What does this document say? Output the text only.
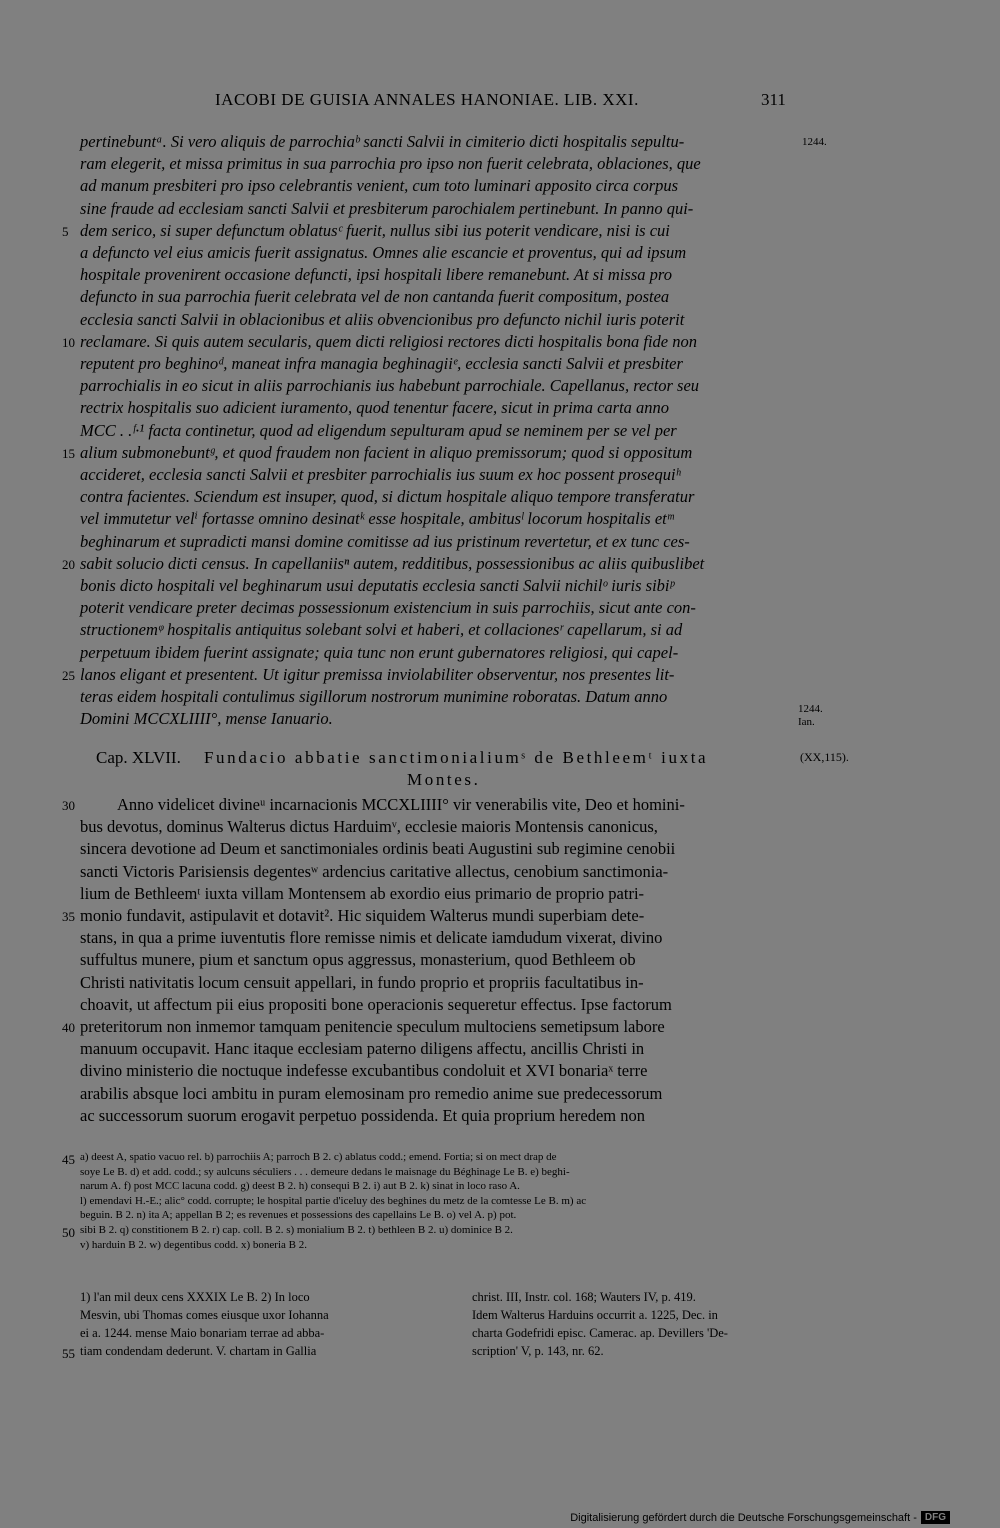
IACOBI DE GUISIA ANNALES HANONIAE. LIB. XXI.	311
pertinebuntᵃ. Si vero aliquis de parrochiaᵇ sancti Salvii in cimiterio dicti hospitalis sepultu-
ram elegerit, et missa primitus in sua parrochia pro ipso non fuerit celebrata, oblaciones, que
ad manum presbiteri pro ipso celebrantis venient, cum toto luminari apposito circa corpus
sine fraude ad ecclesiam sancti Salvii et presbiterum parochialem pertinebunt. In panno qui-
5 dem serico, si super defunctum oblatusᶜ fuerit, nullus sibi ius poterit vendicare, nisi is cui
a defuncto vel eius amicis fuerit assignatus. Omnes alie escancie et proventus, qui ad ipsum
hospitale provenirent occasione defuncti, ipsi hospitali libere remanebunt. At si missa pro
defuncto in sua parrochia fuerit celebrata vel de non cantanda fuerit compositum, postea
ecclesia sancti Salvii in oblacionibus et aliis obvencionibus pro defuncto nichil iuris poterit
10 reclamare. Si quis autem secularis, quem dicti religiosi rectores dicti hospitalis bona fide non
reputent pro beghinoᵈ, maneat infra managia beghinagiiᵉ, ecclesia sancti Salvii et presbiter
parrochialis in eo sicut in aliis parrochianis ius habebunt parrochiale. Capellanus, rector seu
rectrix hospitalis suo adicient iuramento, quod tenentur facere, sicut in prima carta anno
MCC . .ᶠ·¹ facta continetur, quod ad eligendum sepulturam apud se neminem per se vel per
15 alium submonebuntᵍ, et quod fraudem non facient in aliquo premissorum; quod si oppositum
accideret, ecclesia sancti Salvii et presbiter parrochialis ius suum ex hoc possent prosequiʰ
contra facientes. Sciendum est insuper, quod, si dictum hospitale aliquo tempore transferatur
vel immutetur velⁱ fortasse omnino desinatᵏ esse hospitale, ambitusˡ locorum hospitalis etᵐ
beghinarum et supradicti mansi domine comitisse ad ius pristinum revertetur, et ex tunc ces-
20 sabit solucio dicti census. In capellaniisⁿ autem, redditibus, possessionibus ac aliis quibuslibet
bonis dicto hospitali vel beghinarum usui deputatis ecclesia sancti Salvii nichilᵒ iuris sibiᵖ
poterit vendicare preter decimas possessionum existencium in suis parrochiis, sicut ante con-
structionemᵠ hospitalis antiquitus solebant solvi et haberi, et collacionesʳ capellarum, si ad
perpetuum ibidem fuerint assignate; quia tunc non erunt gubernatores religiosi, qui capel-
25 lanos eligant et presentent. Ut igitur premissa inviolabiliter observentur, nos presentes lit-
teras eidem hospitali contulimus sigillorum nostrorum munimine roboratas. Datum anno
Domini MCCXLIIII°, mense Ianuario.
1244.
1244.
Ian.
Cap. XLVII. Fundacio abbatie sanctimonialiumˢ de Bethleemᵗ iuxta
Montes.
(XX,115).
30	Anno videlicet divineᵘ incarnacionis MCCXLIIII° vir venerabilis vite, Deo et homini-
bus devotus, dominus Walterus dictus Harduimᵛ, ecclesie maioris Montensis canonicus,
sincera devotione ad Deum et sanctimoniales ordinis beati Augustini sub regimine cenobii
sancti Victoris Parisiensis degentesʷ ardencius caritative allectus, cenobium sanctimonia-
lium de Bethleemᵗ iuxta villam Montensem ab exordio eius primario de proprio patri-
35 monio fundavit, astipulavit et dotavit². Hic siquidem Walterus mundi superbiam dete-
stans, in qua a prime iuventutis flore remisse nimis et delicate iamdudum vixerat, divino
suffultus munere, pium et sanctum opus aggressus, monasterium, quod Bethleem ob
Christi nativitatis locum censuit appellari, in fundo proprio et propriis facultatibus in-
choavit, ut affectum pii eius propositi bone operacionis sequeretur effectus. Ipse factorum
40 preteritorum non inmemor tamquam penitencie speculum multociens semetipsum labore
manuum occupavit. Hanc itaque ecclesiam paterno diligens affectu, ancillis Christi in
divino ministerio die noctuque indefesse excubantibus condoluit et XVI bonariaˣ terre
arabilis absque loci ambitu in puram elemosinam pro remedio anime sue predecessorum
ac successorum suorum erogavit perpetuo possidenda. Et quia proprium heredem non
45 a) deest A, spatio vacuo rel. b) parrochiis A; parroch B 2. c) ablatus codd.; emend. Fortia; si on mect drap de
soye Le B. d) et add. codd.; sy aulcuns séculiers . . . demeure dedans le maisnage du Béghinage Le B. e) beghi-
narum A. f) post MCC lacuna codd. g) deest B 2. h) consequi B 2. i) aut B 2. k) sinat in loco raso A.
l) emendavi H.-E.; alic° codd. corrupte; le hospital partie d'iceluy des beghines du metz de la comtesse Le B. m) ac
beguin. B 2. n) ita A; appellan B 2; es revenues et possessions des capellains Le B. o) vel A. p) pot.
50 sibi B 2. q) constitionem B 2. r) cap. coll. B 2. s) monialium B 2. t) bethleen B 2. u) dominice B 2.
v) harduin B 2. w) degentibus codd. x) boneria B 2.
1) l'an mil deux cens XXXIX Le B. 2) In loco
Mesvin, ubi Thomas comes eiusque uxor Iohanna
ei a. 1244. mense Maio bonariam terrae ad abba-
55 tiam condendam dederunt. V. chartam in Gallia
christ. III, Instr. col. 168; Wauters IV, p. 419.
Idem Walterus Harduins occurrit a. 1225, Dec. in
charta Godefridi episc. Camerac. ap. Devillers 'De-
scription' V, p. 143, nr. 62.
Digitalisierung gefördert durch die Deutsche Forschungsgemeinschaft - DFG
